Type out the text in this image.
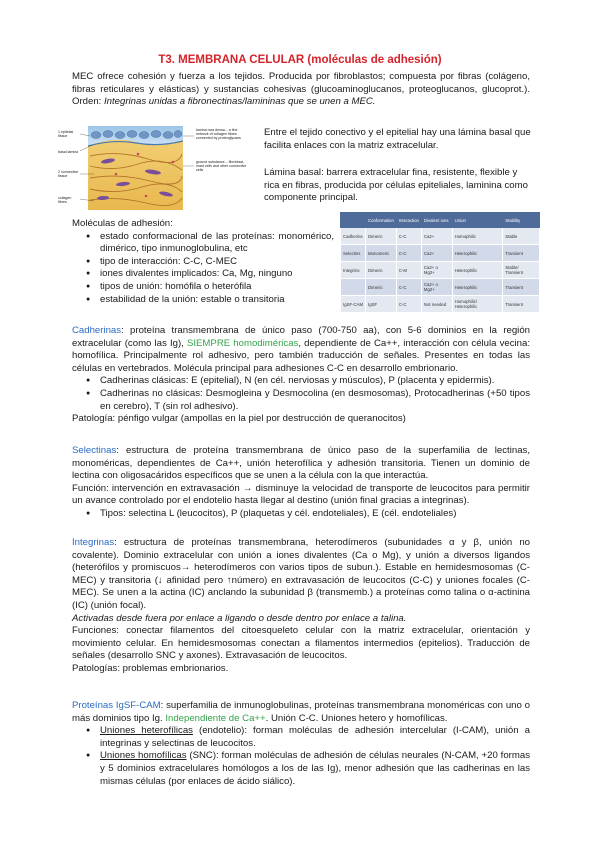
T3. MEMBRANA CELULAR (moléculas de adhesión)
MEC ofrece cohesión y fuerza a los tejidos. Producida por fibroblastos; compuesta por fibras (colágeno, fibras reticulares y elásticas) y sustancias cohesivas (glucoaminoglucanos, proteoglucanos, glucoprot.). Orden: Integrinas unidas a fibronectinas/lamininas que se unen a MEC.
1 epitelial tissue
basal lamina
2 connective tissue
collagen fibres
lamina rara densa... a fine network of collagen fibres connected by proteoglycans
ground substance... fibroblast, mast cells and other connective cells
Entre el tejido conectivo y el epitelial hay una lámina basal que facilita enlaces con la matriz extracelular.
Lámina basal: barrera extracelular fina, resistente, flexible y rica en fibras, producida por células epiteliales, laminina como componente principal.
Moléculas de adhesión:
● estado conformacional de las proteínas: monomérico, dimérico, tipo inmunoglobulina, etc
● tipo de interacción: C-C, C-MEC
● iones divalentes implicados: Ca, Mg, ninguno
● tipos de unión: homófila o heterófila
● estabilidad de la unión: estable o transitoria
	Conformation	Interaction	Divalent ions	Union	Stability
Cadherins	Dimeric	C-C	Ca2+	Homophilic	Stable
Selectins	Monomeric	C-C	Ca2+	Heterophilic	Transient
Integrins	Dimeric	C-M	Ca2+ o Mg2+	Heterophilic	Stable/ Transient
	Dimeric	C-C	Ca2+ o Mg2+	Heterophilic	Transient
IgSF-CAM	IgSF	C-C	Not needed	Homophilic/ Heterophilic	Transient
Cadherinas: proteína transmembrana de único paso (700-750 aa), con 5-6 dominios en la región extracelular (como las Ig), SIEMPRE homodiméricas, dependiente de Ca++, interacción con célula vecina: homofílica. Principalmente rol adhesivo, pero también traducción de señales. Presentes en todas las células en vertebrados. Molécula principal para adhesiones C-C en desarrollo embrionario.
● Cadherinas clásicas: E (epitelial), N (en cél. nerviosas y músculos), P (placenta y epidermis).
● Cadherinas no clásicas: Desmogleina y Desmocolina (en desmosomas), Protocadherinas (+50 tipos en cerebro), T (sin rol adhesivo).
Patología: pénfigo vulgar (ampollas en la piel por destrucción de queranocitos)
Selectinas: estructura de proteína transmembrana de único paso de la superfamilia de lectinas, monoméricas, dependientes de Ca++, unión heterofílica y adhesión transitoria. Tienen un dominio de lectina con oligosacáridos específicos que se unen a la célula con la que interactúa.
Función: intervención en extravasación → disminuye la velocidad de transporte de leucocitos para permitir un avance controlado por el endotelio hasta llegar al destino (unión final gracias a integrinas).
● Tipos: selectina L (leucocitos), P (plaquetas y cél. endoteliales), E (cél. endoteliales)
Integrinas: estructura de proteínas transmembrana, heterodímeros (subunidades α y β, unión no covalente). Dominio extracelular con unión a iones divalentes (Ca o Mg), y unión a diversos ligandos (heterófilos y promiscuos→ heterodímeros con varios tipos de subun.). Estable en hemidesmosomas (C-MEC) y transitoria (↓ afinidad pero ↑número) en extravasación de leucocitos (C-C) y uniones focales (C-MEC). Se unen a la actina (IC) anclando la subunidad β (transmemb.) a proteínas como talina o α-actinina (IC) (unión focal).
Activadas desde fuera por enlace a ligando o desde dentro por enlace a talina.
Funciones: conectar filamentos del citoesqueleto celular con la matriz extracelular, orientación y movimiento celular. En hemidesmosomas conectan a filamentos intermedios (epitelios). Traducción de señales (desarrollo SNC y axones). Extravasación de leucocitos.
Patologías: problemas embrionarios.
Proteínas IgSF-CAM: superfamilia de inmunoglobulinas, proteínas transmembrana monoméricas con uno o más dominios tipo Ig. Independiente de Ca++. Unión C-C. Uniones hetero y homofílicas.
● Uniones heterofílicas (endotelio): forman moléculas de adhesión intercelular (I-CAM), unión a integrinas y selectinas de leucocitos.
● Uniones homofílicas (SNC): forman moléculas de adhesión de células neurales (N-CAM, +20 formas y 5 dominios extracelulares homólogos a los de las Ig), menor adhesión que las cadherinas en las mismas células (por enlaces de ácido siálico).
